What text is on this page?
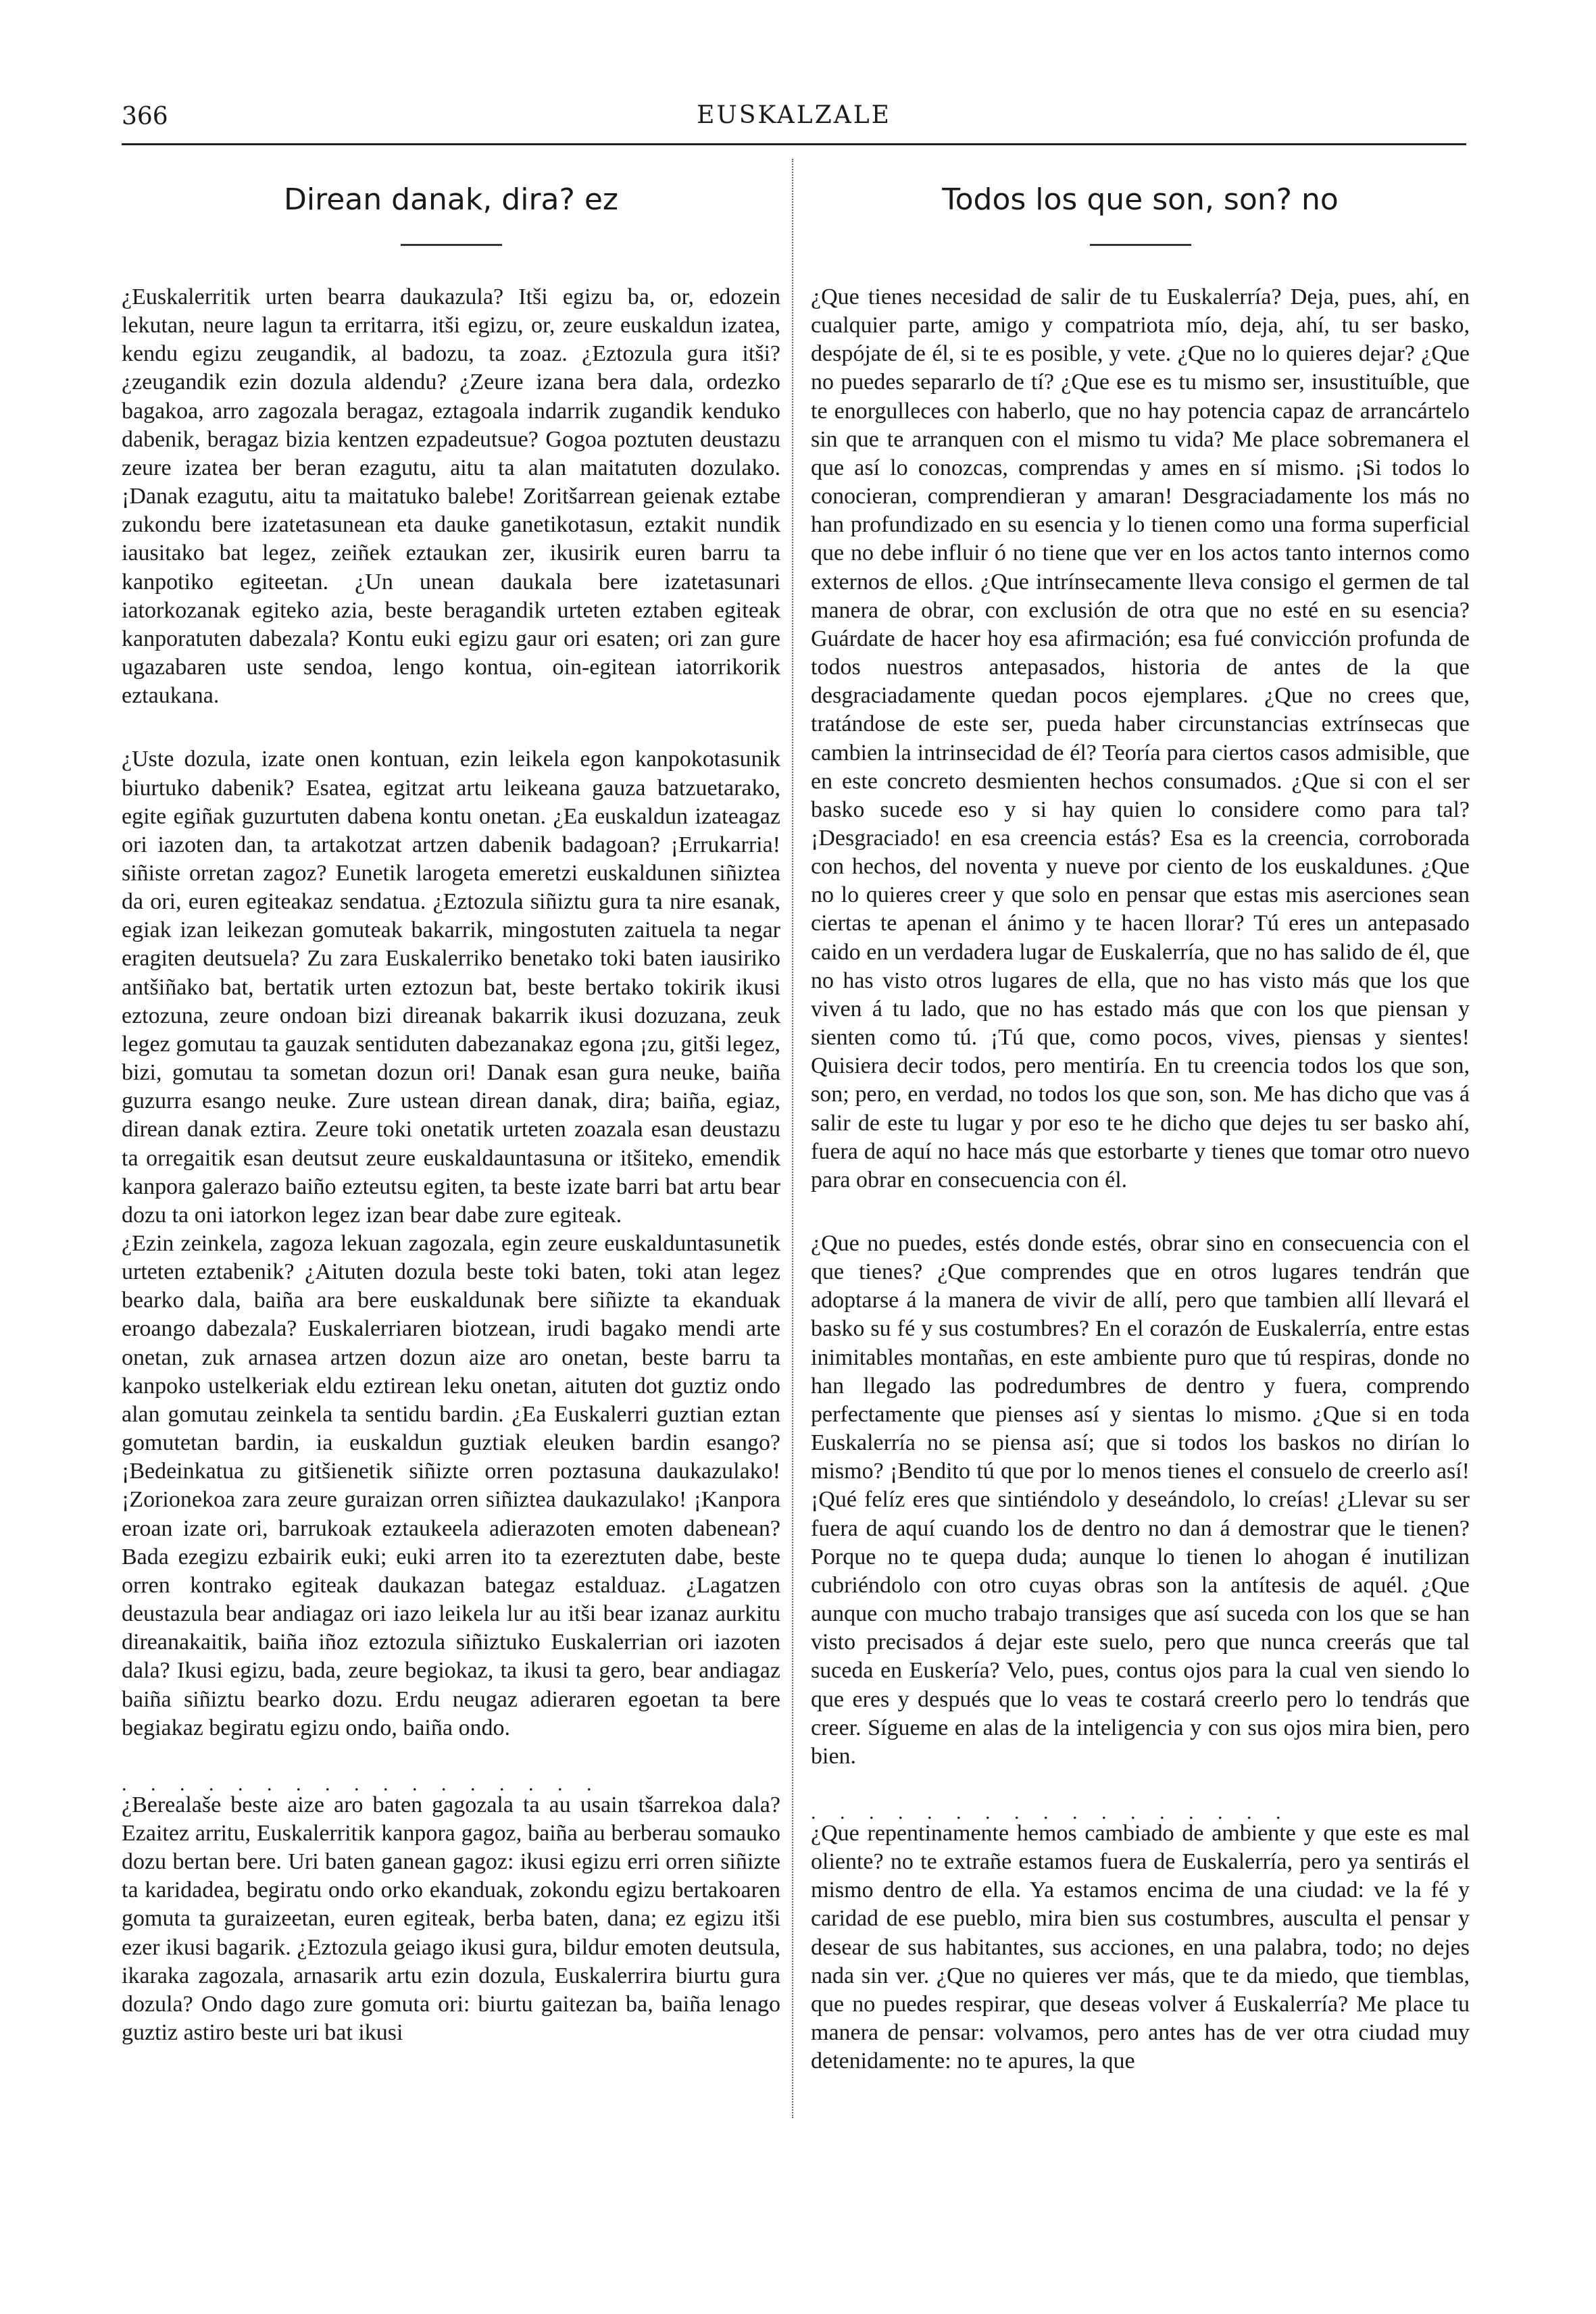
366	EUSKALZALE
Direan danak, dira? ez

¿Euskalerritik urten bearra daukazula? Itši egizu ba, or, edozein lekutan, neure lagun ta erritarra, itši egizu, or, zeure euskaldun izatea, kendu egizu zeugandik, al badozu, ta zoaz. ¿Eztozula gura itši? ¿zeugandik ezin dozula aldendu? ¿Zeure izana bera dala, ordezko bagakoa, arro zagozala beragaz, eztagoala indarrik zugandik kenduko dabenik, beragaz bizia kentzen ezpadeutsue? Gogoa poztuten deustazu zeure izatea ber beran ezagutu, aitu ta alan maitatuten dozulako. ¡Danak ezagutu, aitu ta maitatuko balebe! Zoritšarrean geienak eztabe zukondu bere izatetasunean eta dauke ganetikotasun, eztakit nundik iausitako bat legez, zeiñek eztaukan zer, ikusirik euren barru ta kanpotiko egiteetan. ¿Un unean daukala bere izatetasunari iatorkozanak egiteko azia, beste beragandik urteten eztaben egiteak kanporatuten dabezala? Kontu euki egizu gaur ori esaten; ori zan gure ugazabaren uste sendoa, lengo kontua, oin-egitean iatorrikorik eztaukana.

¿Uste dozula, izate onen kontuan, ezin leikela egon kanpokotasunik biurtuko dabenik? Esatea, egitzat artu leikeana gauza batzuetarako, egite egiñak guzurtuten dabena kontu onetan. ¿Ea euskaldun izateagaz ori iazoten dan, ta artakotzat artzen dabenik badagoan? ¡Errukarria! siñiste orretan zagoz? Eunetik larogeta emeretzi euskaldunen siñiztea da ori, euren egiteakaz sendatua. ¿Eztozula siñiztu gura ta nire esanak, egiak izan leikezan gomuteak bakarrik, mingostuten zaituela ta negar eragiten deutsuela? Zu zara Euskalerriko benetako toki baten iausiriko antšiñako bat, bertatik urten eztozun bat, beste bertako tokirik ikusi eztozuna, zeure ondoan bizi direanak bakarrik ikusi dozuzana, zeuk legez gomutau ta gauzak sentiduten dabezanakaz egona ¡zu, gitši legez, bizi, gomutau ta sometan dozun ori! Danak esan gura neuke, baiña guzurra esango neuke. Zure ustean direan danak, dira; baiña, egiaz, direan danak eztira. Zeure toki onetatik urteten zoazala esan deustazu ta orregaitik esan deutsut zeure euskaldauntasuna or itšiteko, emendik kanpora galerazo baiño ezteutsu egiten, ta beste izate barri bat artu bear dozu ta oni iatorkon legez izan bear dabe zure egiteak.

¿Ezin zeinkela, zagoza lekuan zagozala, egin zeure euskalduntasunetik urteten eztabenik? ¿Aituten dozula beste toki baten, toki atan legez bearko dala, baiña ara bere euskaldunak bere siñizte ta ekanduak eroango dabezala? Euskalerriaren biotzean, irudi bagako mendi arte onetan, zuk arnasea artzen dozun aize aro onetan, beste barru ta kanpoko ustelkeriak eldu eztirean leku onetan, aituten dot guztiz ondo alan gomutau zeinkela ta sentidu bardin. ¿Ea Euskalerri guztian eztan gomutetan bardin, ia euskaldun guztiak eleuken bardin esango? ¡Bedeinkatua zu gitšienetik siñizte orren poztasuna daukazulako! ¡Zorionekoa zara zeure guraizan orren siñiztea daukazulako! ¡Kanpora eroan izate ori, barrukoak eztaukeela adierazoten emoten dabenean? Bada ezegizu ezbairik euki; euki arren ito ta ezereztuten dabe, beste orren kontrako egiteak daukazan bategaz estalduaz. ¿Lagatzen deustazula bear andiagaz ori iazo leikela lur au itši bear izanaz aurkitu direanakaitik, baiña iñoz eztozula siñiztuko Euskalerrian ori iazoten dala? Ikusi egizu, bada, zeure begiokaz, ta ikusi ta gero, bear andiagaz baiña siñiztu bearko dozu. Erdu neugaz adieraren egoetan ta bere begiakaz begiratu egizu ondo, baiña ondo.

. . . . . . . . . . . . . . . . .

¿Berealaše beste aize aro baten gagozala ta au usain tšarrekoa dala? Ezaitez arritu, Euskalerritik kanpora gagoz, baiña au berberau somauko dozu bertan bere. Uri baten ganean gagoz: ikusi egizu erri orren siñizte ta karidadea, begiratu ondo orko ekanduak, zokondu egizu bertakoaren gomuta ta guraizeetan, euren egiteak, berba baten, dana; ez egizu itši ezer ikusi bagarik. ¿Eztozula geiago ikusi gura, bildur emoten deutsula, ikaraka zagozala, arnasarik artu ezin dozula, Euskalerrira biurtu gura dozula? Ondo dago zure gomuta ori: biurtu gaitezan ba, baiña lenago guztiz astiro beste uri bat ikusi

Todos los que son, son? no

¿Que tienes necesidad de salir de tu Euskalerría? Deja, pues, ahí, en cualquier parte, amigo y compatriota mío, deja, ahí, tu ser basko, despójate de él, si te es posible, y vete. ¿Que no lo quieres dejar? ¿Que no puedes separarlo de tí? ¿Que ese es tu mismo ser, insustituíble, que te enorgulleces con haberlo, que no hay potencia capaz de arrancártelo sin que te arranquen con el mismo tu vida? Me place sobremanera el que así lo conozcas, comprendas y ames en sí mismo. ¡Si todos lo conocieran, comprendieran y amaran! Desgraciadamente los más no han profundizado en su esencia y lo tienen como una forma superficial que no debe influir ó no tiene que ver en los actos tanto internos como externos de ellos. ¿Que intrínsecamente lleva consigo el germen de tal manera de obrar, con exclusión de otra que no esté en su esencia? Guárdate de hacer hoy esa afirmación; esa fué convicción profunda de todos nuestros antepasados, historia de antes de la que desgraciadamente quedan pocos ejemplares. ¿Que no crees que, tratándose de este ser, pueda haber circunstancias extrínsecas que cambien la intrinsecidad de él? Teoría para ciertos casos admisible, que en este concreto desmienten hechos consumados. ¿Que si con el ser basko sucede eso y si hay quien lo considere como para tal? ¡Desgraciado! en esa creencia estás? Esa es la creencia, corroborada con hechos, del noventa y nueve por ciento de los euskaldunes. ¿Que no lo quieres creer y que solo en pensar que estas mis aserciones sean ciertas te apenan el ánimo y te hacen llorar? Tú eres un antepasado caido en un verdadera lugar de Euskalerría, que no has salido de él, que no has visto otros lugares de ella, que no has visto más que los que viven á tu lado, que no has estado más que con los que piensan y sienten como tú. ¡Tú que, como pocos, vives, piensas y sientes! Quisiera decir todos, pero mentiría. En tu creencia todos los que son, son; pero, en verdad, no todos los que son, son. Me has dicho que vas á salir de este tu lugar y por eso te he dicho que dejes tu ser basko ahí, fuera de aquí no hace más que estorbarte y tienes que tomar otro nuevo para obrar en consecuencia con él.

¿Que no puedes, estés donde estés, obrar sino en consecuencia con el que tienes? ¿Que comprendes que en otros lugares tendrán que adoptarse á la manera de vivir de allí, pero que tambien allí llevará el basko su fé y sus costumbres? En el corazón de Euskalerría, entre estas inimitables montañas, en este ambiente puro que tú respiras, donde no han llegado las podredumbres de dentro y fuera, comprendo perfectamente que pienses así y sientas lo mismo. ¿Que si en toda Euskalerría no se piensa así; que si todos los baskos no dirían lo mismo? ¡Bendito tú que por lo menos tienes el consuelo de creerlo así! ¡Qué felíz eres que sintiéndolo y deseándolo, lo creías! ¿Llevar su ser fuera de aquí cuando los de dentro no dan á demostrar que le tienen? Porque no te quepa duda; aunque lo tienen lo ahogan é inutilizan cubriéndolo con otro cuyas obras son la antítesis de aquél. ¿Que aunque con mucho trabajo transiges que así suceda con los que se han visto precisados á dejar este suelo, pero que nunca creerás que tal suceda en Euskería? Velo, pues, contus ojos para la cual ven siendo lo que eres y después que lo veas te costará creerlo pero lo tendrás que creer. Sígueme en alas de la inteligencia y con sus ojos mira bien, pero bien.

. . . . . . . . . . . . . . . . .

¿Que repentinamente hemos cambiado de ambiente y que este es mal oliente? no te extrañe estamos fuera de Euskalerría, pero ya sentirás el mismo dentro de ella. Ya estamos encima de una ciudad: ve la fé y caridad de ese pueblo, mira bien sus costumbres, ausculta el pensar y desear de sus habitantes, sus acciones, en una palabra, todo; no dejes nada sin ver. ¿Que no quieres ver más, que te da miedo, que tiemblas, que no puedes respirar, que deseas volver á Euskalerría? Me place tu manera de pensar: volvamos, pero antes has de ver otra ciudad muy detenidamente: no te apures, la que
